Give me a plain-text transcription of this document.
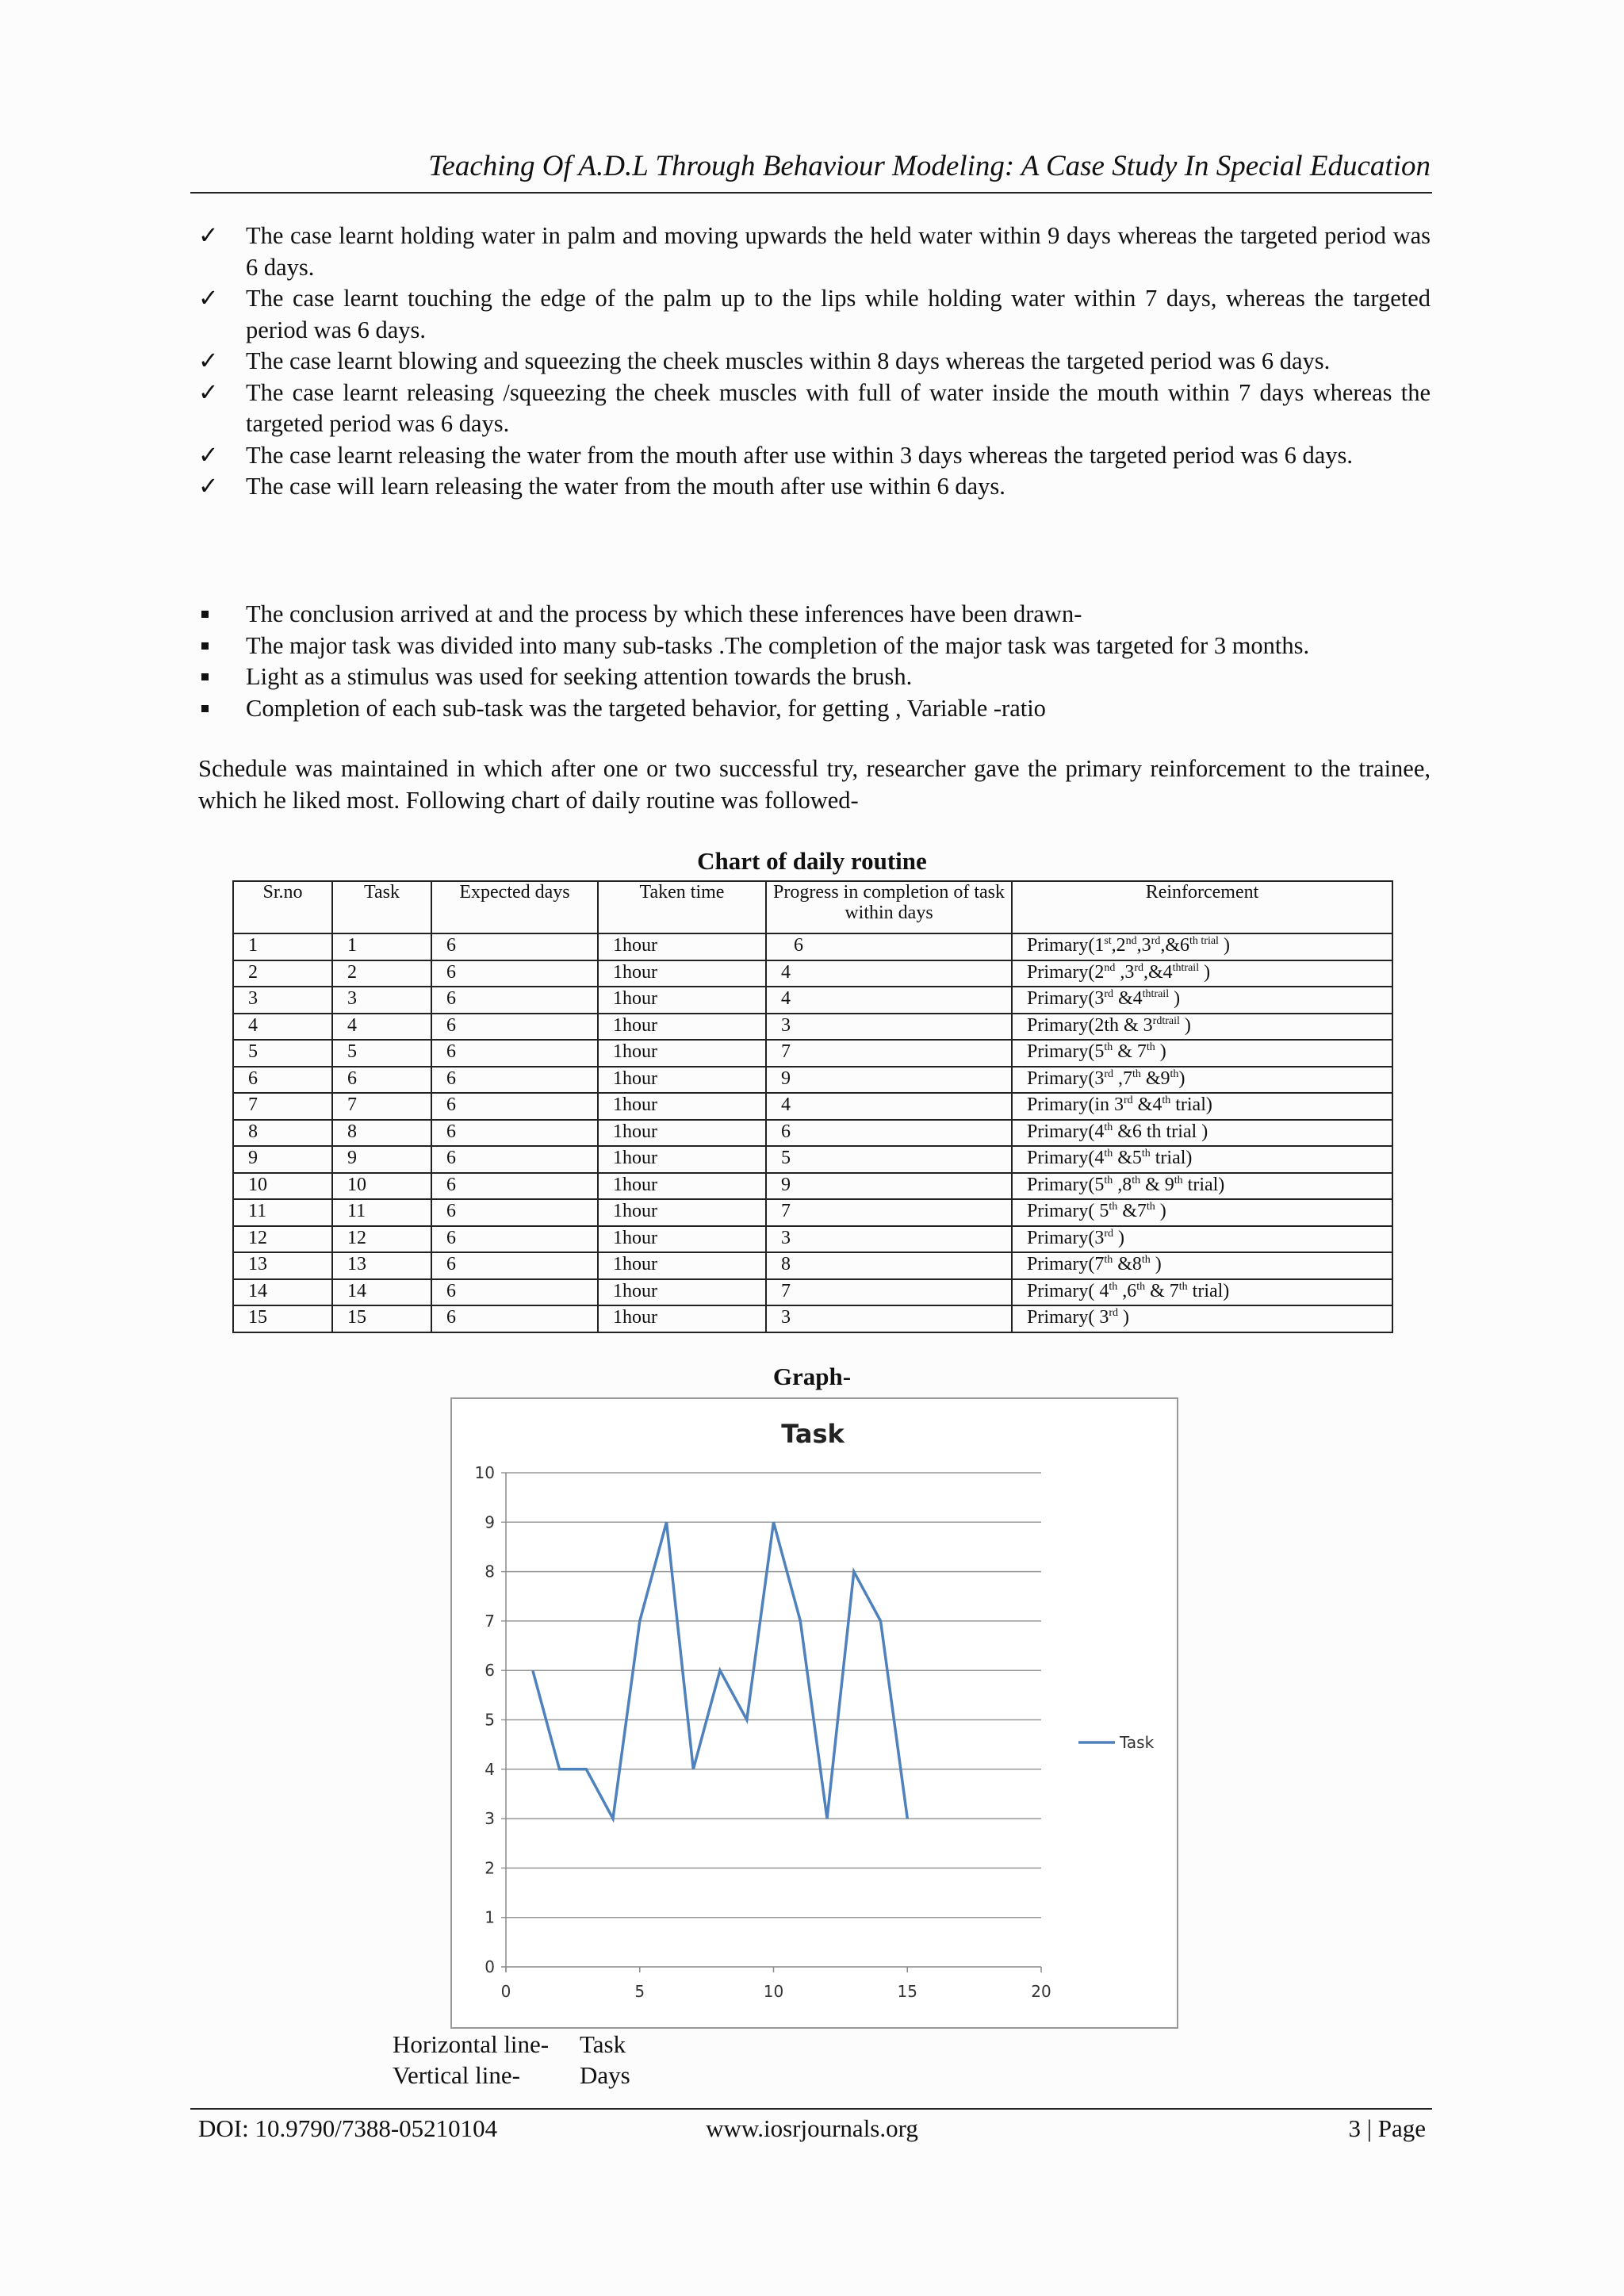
Teaching Of A.D.L Through Behaviour Modeling: A Case Study In Special Education
✓ The case learnt holding water in palm and moving upwards the held water within 9 days whereas the targeted period was 6 days.
✓ The case learnt touching the edge of the palm up to the lips while holding water within 7 days, whereas the targeted period was 6 days.
✓ The case learnt blowing and squeezing the cheek muscles within 8 days whereas the targeted period was 6 days.
✓ The case learnt releasing /squeezing the cheek muscles with full of water inside the mouth within 7 days whereas the targeted period was 6 days.
✓ The case learnt releasing the water from the mouth after use within 3 days whereas the targeted period was 6 days.
✓ The case will learn releasing the water from the mouth after use within 6 days.
The conclusion arrived at and the process by which these inferences have been drawn-
The major task was divided into many sub-tasks .The completion of the major task was targeted for 3 months.
Light as a stimulus was used for seeking attention towards the brush.
Completion of each sub-task was the targeted behavior, for getting , Variable -ratio
Schedule was maintained in which after one or two successful try, researcher gave the primary reinforcement to the trainee, which he liked most. Following chart of daily routine was followed-
Chart of daily routine
Sr.no	Task	Expected days	Taken time	Progress in completion of task within days	Reinforcement
1	1	6	1hour	6	$Primary(1st,2nd,3rd,\&6^{th trial}$ )
2	2	6	1hour	4	Primary(2nd $,3rd,\&4^{thtrail}$ )
3	3	6	1hour	4	Primary(3rd $\&4^{thtrail}$ )
4	4	6	1hour	3	Primary(2th & $3^{rdtrail}$ )
5	5	6	1hour	7	Primary(5th & 7th )
6	6	6	1hour	9	Primary(3rd ,7th &9th)
7	7	6	1hour	4	Primary(in 3rd &4th trial)
8	8	6	1hour	6	Primary(4th &6 th trial )
9	9	6	1hour	5	Primary(4th &5th trial)
10	10	6	1hour	9	Primary(5th ,8th & 9th trial)
11	11	6	1hour	7	Primary( 5th &7th )
12	12	6	1hour	3	Primary(3rd )
13	13	6	1hour	8	Primary(7th &8th )
14	14	6	1hour	7	Primary( 4th ,6th & 7th trial)
15	15	6	1hour	3	Primary( 3rd )
Graph-
Task
0
1
2
3
4
5
6
7
8
9
10
0	5	10	15	20
Task
Horizontal line- Task
Vertical line- Days
DOI: 10.9790/7388-05210104	www.iosrjournals.org	3 | Page
